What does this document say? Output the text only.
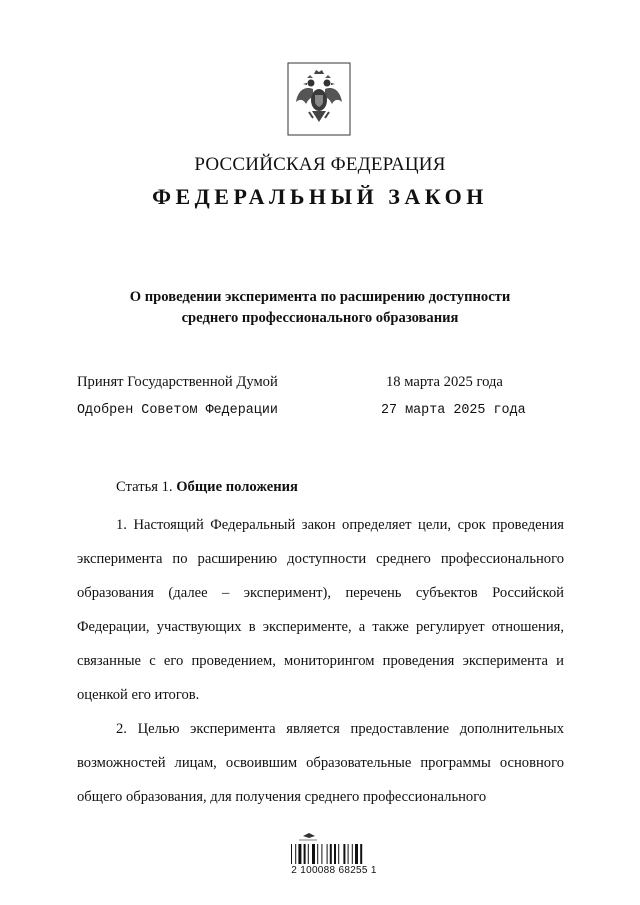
РОССИЙСКАЯ ФЕДЕРАЦИЯ
ФЕДЕРАЛЬНЫЙ ЗАКОН
О проведении эксперимента по расширению доступности
среднего профессионального образования
Принят Государственной Думой	18 марта 2025 года
Одобрен Советом Федерации	27 марта 2025 года
Статья 1. Общие положения

1. Настоящий Федеральный закон определяет цели, срок проведения эксперимента по расширению доступности среднего профессионального образования (далее – эксперимент), перечень субъектов Российской Федерации, участвующих в эксперименте, а также регулирует отношения, связанные с его проведением, мониторингом проведения эксперимента и оценкой его итогов.

2. Целью эксперимента является предоставление дополнительных возможностей лицам, освоившим образовательные программы основного общего образования, для получения среднего профессионального

2 100088 68255 1
